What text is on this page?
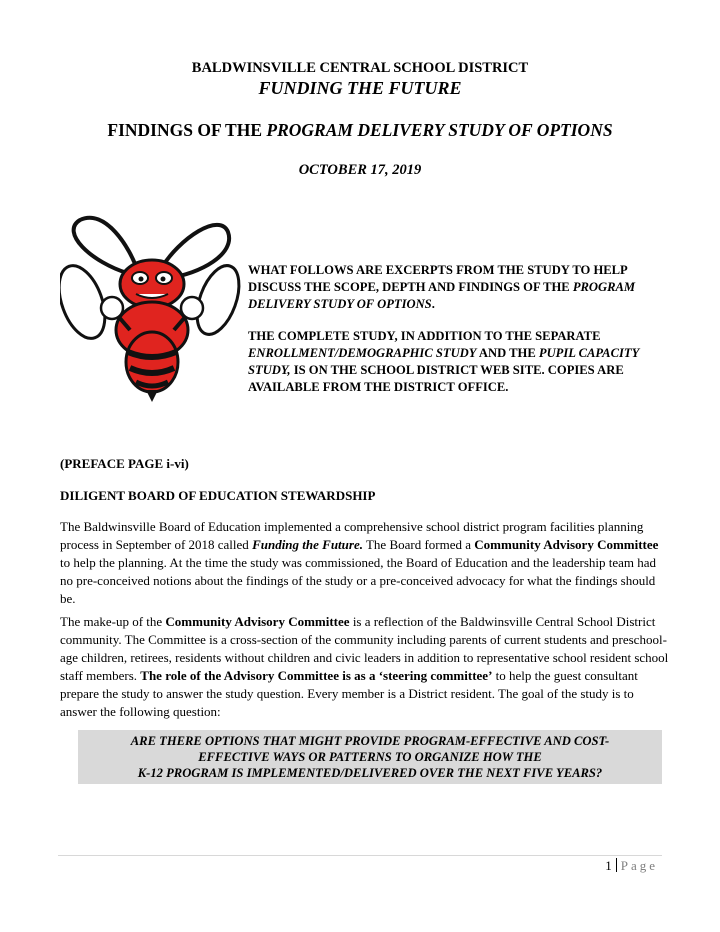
BALDWINSVILLE CENTRAL SCHOOL DISTRICT
FUNDING THE FUTURE
FINDINGS OF THE PROGRAM DELIVERY STUDY OF OPTIONS
OCTOBER 17, 2019

WHAT FOLLOWS ARE EXCERPTS FROM THE STUDY TO HELP DISCUSS THE SCOPE, DEPTH AND FINDINGS OF THE PROGRAM DELIVERY STUDY OF OPTIONS.

THE COMPLETE STUDY, IN ADDITION TO THE SEPARATE ENROLLMENT/DEMOGRAPHIC STUDY AND THE PUPIL CAPACITY STUDY, IS ON THE SCHOOL DISTRICT WEB SITE. COPIES ARE AVAILABLE FROM THE DISTRICT OFFICE.

(PREFACE PAGE i-vi)
DILIGENT BOARD OF EDUCATION STEWARDSHIP
The Baldwinsville Board of Education implemented a comprehensive school district program facilities planning process in September of 2018 called Funding the Future. The Board formed a Community Advisory Committee to help the planning. At the time the study was commissioned, the Board of Education and the leadership team had no pre-conceived notions about the findings of the study or a pre-conceived advocacy for what the findings should be.
The make-up of the Community Advisory Committee is a reflection of the Baldwinsville Central School District community. The Committee is a cross-section of the community including parents of current students and preschool-age children, retirees, residents without children and civic leaders in addition to representative school resident school staff members. The role of the Advisory Committee is as a ‘steering committee’ to help the guest consultant prepare the study to answer the study question. Every member is a District resident. The goal of the study is to answer the following question:
ARE THERE OPTIONS THAT MIGHT PROVIDE PROGRAM-EFFECTIVE AND COST-
EFFECTIVE WAYS OR PATTERNS TO ORGANIZE HOW THE
K-12 PROGRAM IS IMPLEMENTED/DELIVERED OVER THE NEXT FIVE YEARS?
1 Page
